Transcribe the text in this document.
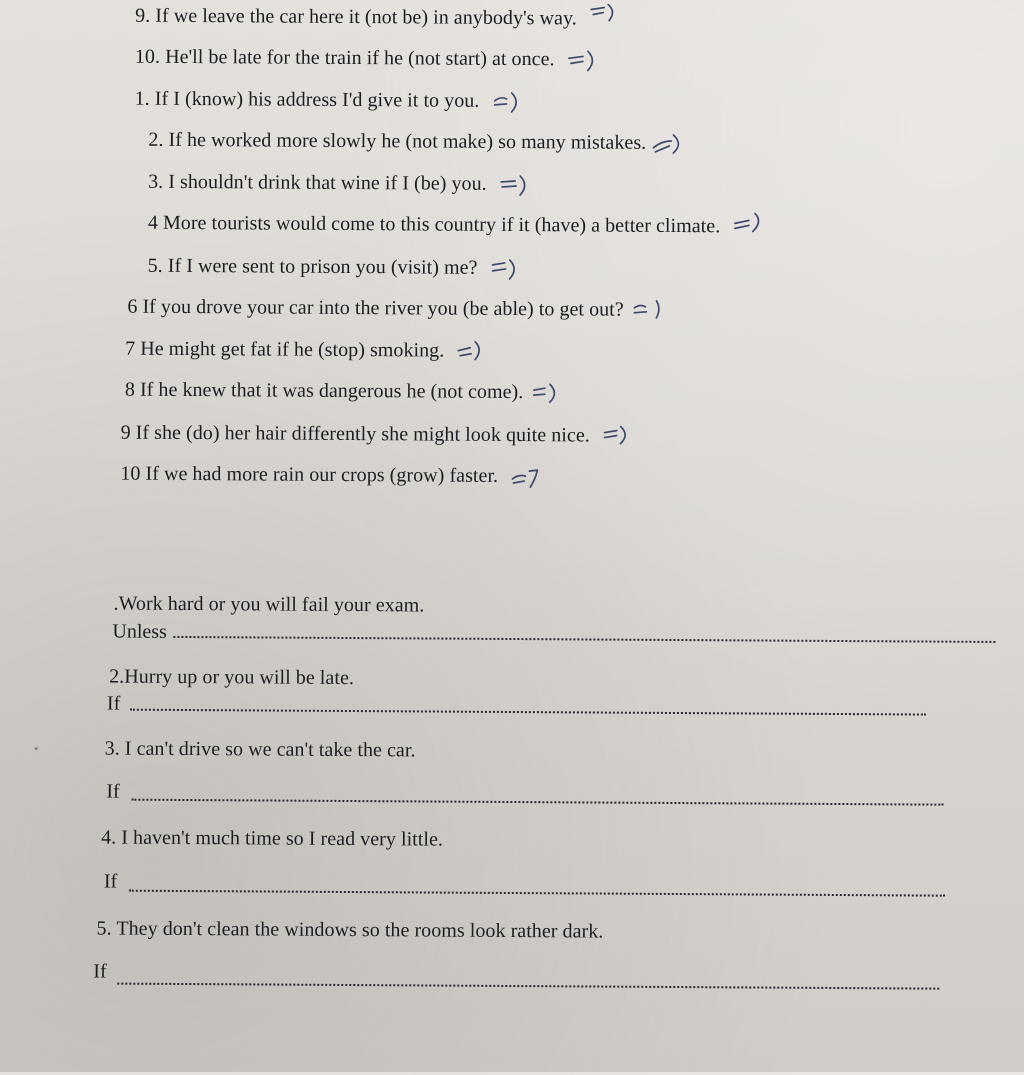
9. If we leave the car here it (not be) in anybody's way.
10. He'll be late for the train if he (not start) at once.
1. If I (know) his address I'd give it to you.
2. If he worked more slowly he (not make) so many mistakes.
3. I shouldn't drink that wine if I (be) you.
4 More tourists would come to this country if it (have) a better climate.
5. If I were sent to prison you (visit) me?
6 If you drove your car into the river you (be able) to get out?
7 He might get fat if he (stop) smoking.
8 If he knew that it was dangerous he (not come).
9 If she (do) her hair differently she might look quite nice.
10 If we had more rain our crops (grow) faster.
.Work hard or you will fail your exam.
Unless
2.Hurry up or you will be late.
If
3. I can't drive so we can't take the car.
If
4. I haven't much time so I read very little.
If
5. They don't clean the windows so the rooms look rather dark.
If
